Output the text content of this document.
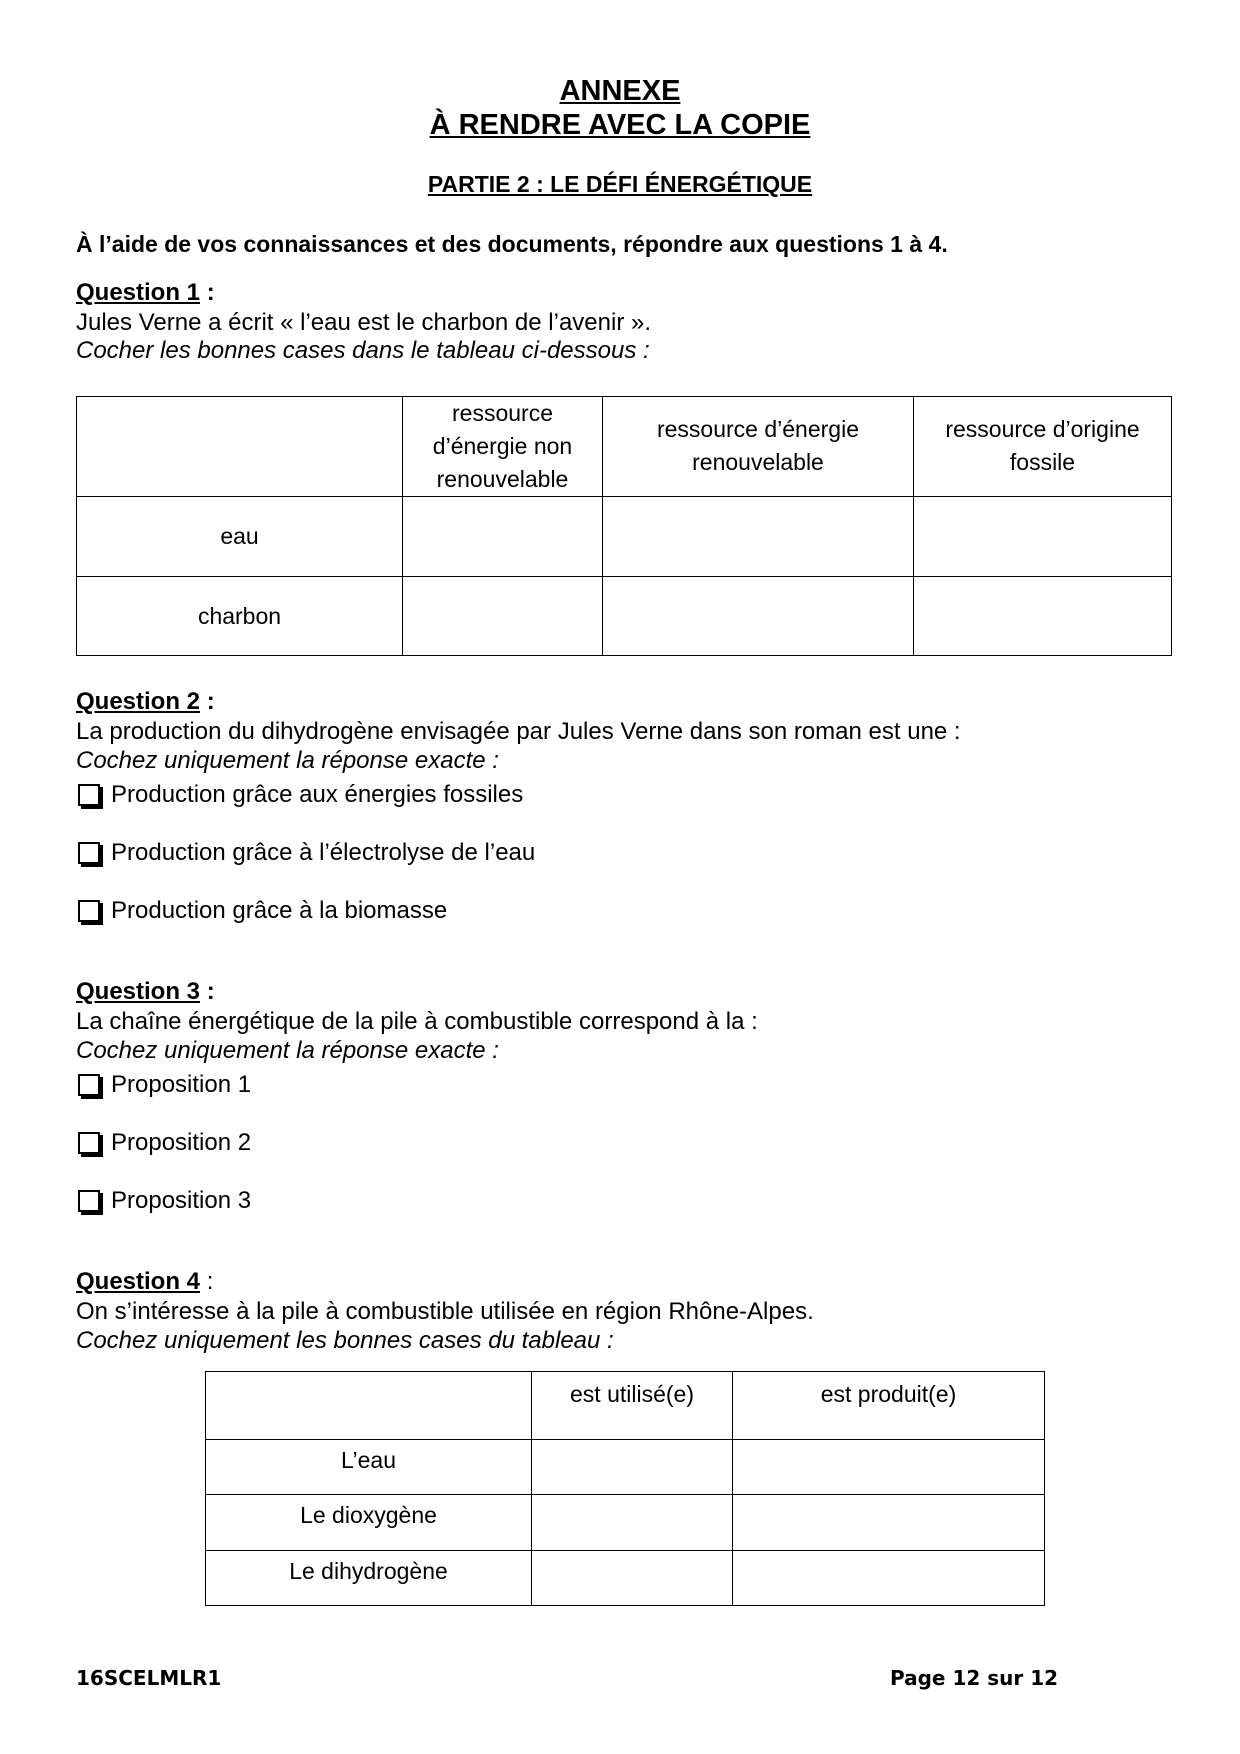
ANNEXE
À RENDRE AVEC LA COPIE
PARTIE 2 : LE DÉFI ÉNERGÉTIQUE
À l’aide de vos connaissances et des documents, répondre aux questions 1 à 4.
Question 1 :
Jules Verne a écrit « l’eau est le charbon de l’avenir ».
Cocher les bonnes cases dans le tableau ci-dessous :
	ressource d’énergie non renouvelable	ressource d’énergie renouvelable	ressource d’origine fossile
eau			
charbon			
Question 2 :
La production du dihydrogène envisagée par Jules Verne dans son roman est une :
Cochez uniquement la réponse exacte :
Production grâce aux énergies fossiles
Production grâce à l’électrolyse de l’eau
Production grâce à la biomasse
Question 3 :
La chaîne énergétique de la pile à combustible correspond à la :
Cochez uniquement la réponse exacte :
Proposition 1
Proposition 2
Proposition 3
Question 4 :
On s’intéresse à la pile à combustible utilisée en région Rhône-Alpes.
Cochez uniquement les bonnes cases du tableau :
	est utilisé(e)	est produit(e)
L’eau		
Le dioxygène		
Le dihydrogène		
16SCELMLR1	Page 12 sur 12
